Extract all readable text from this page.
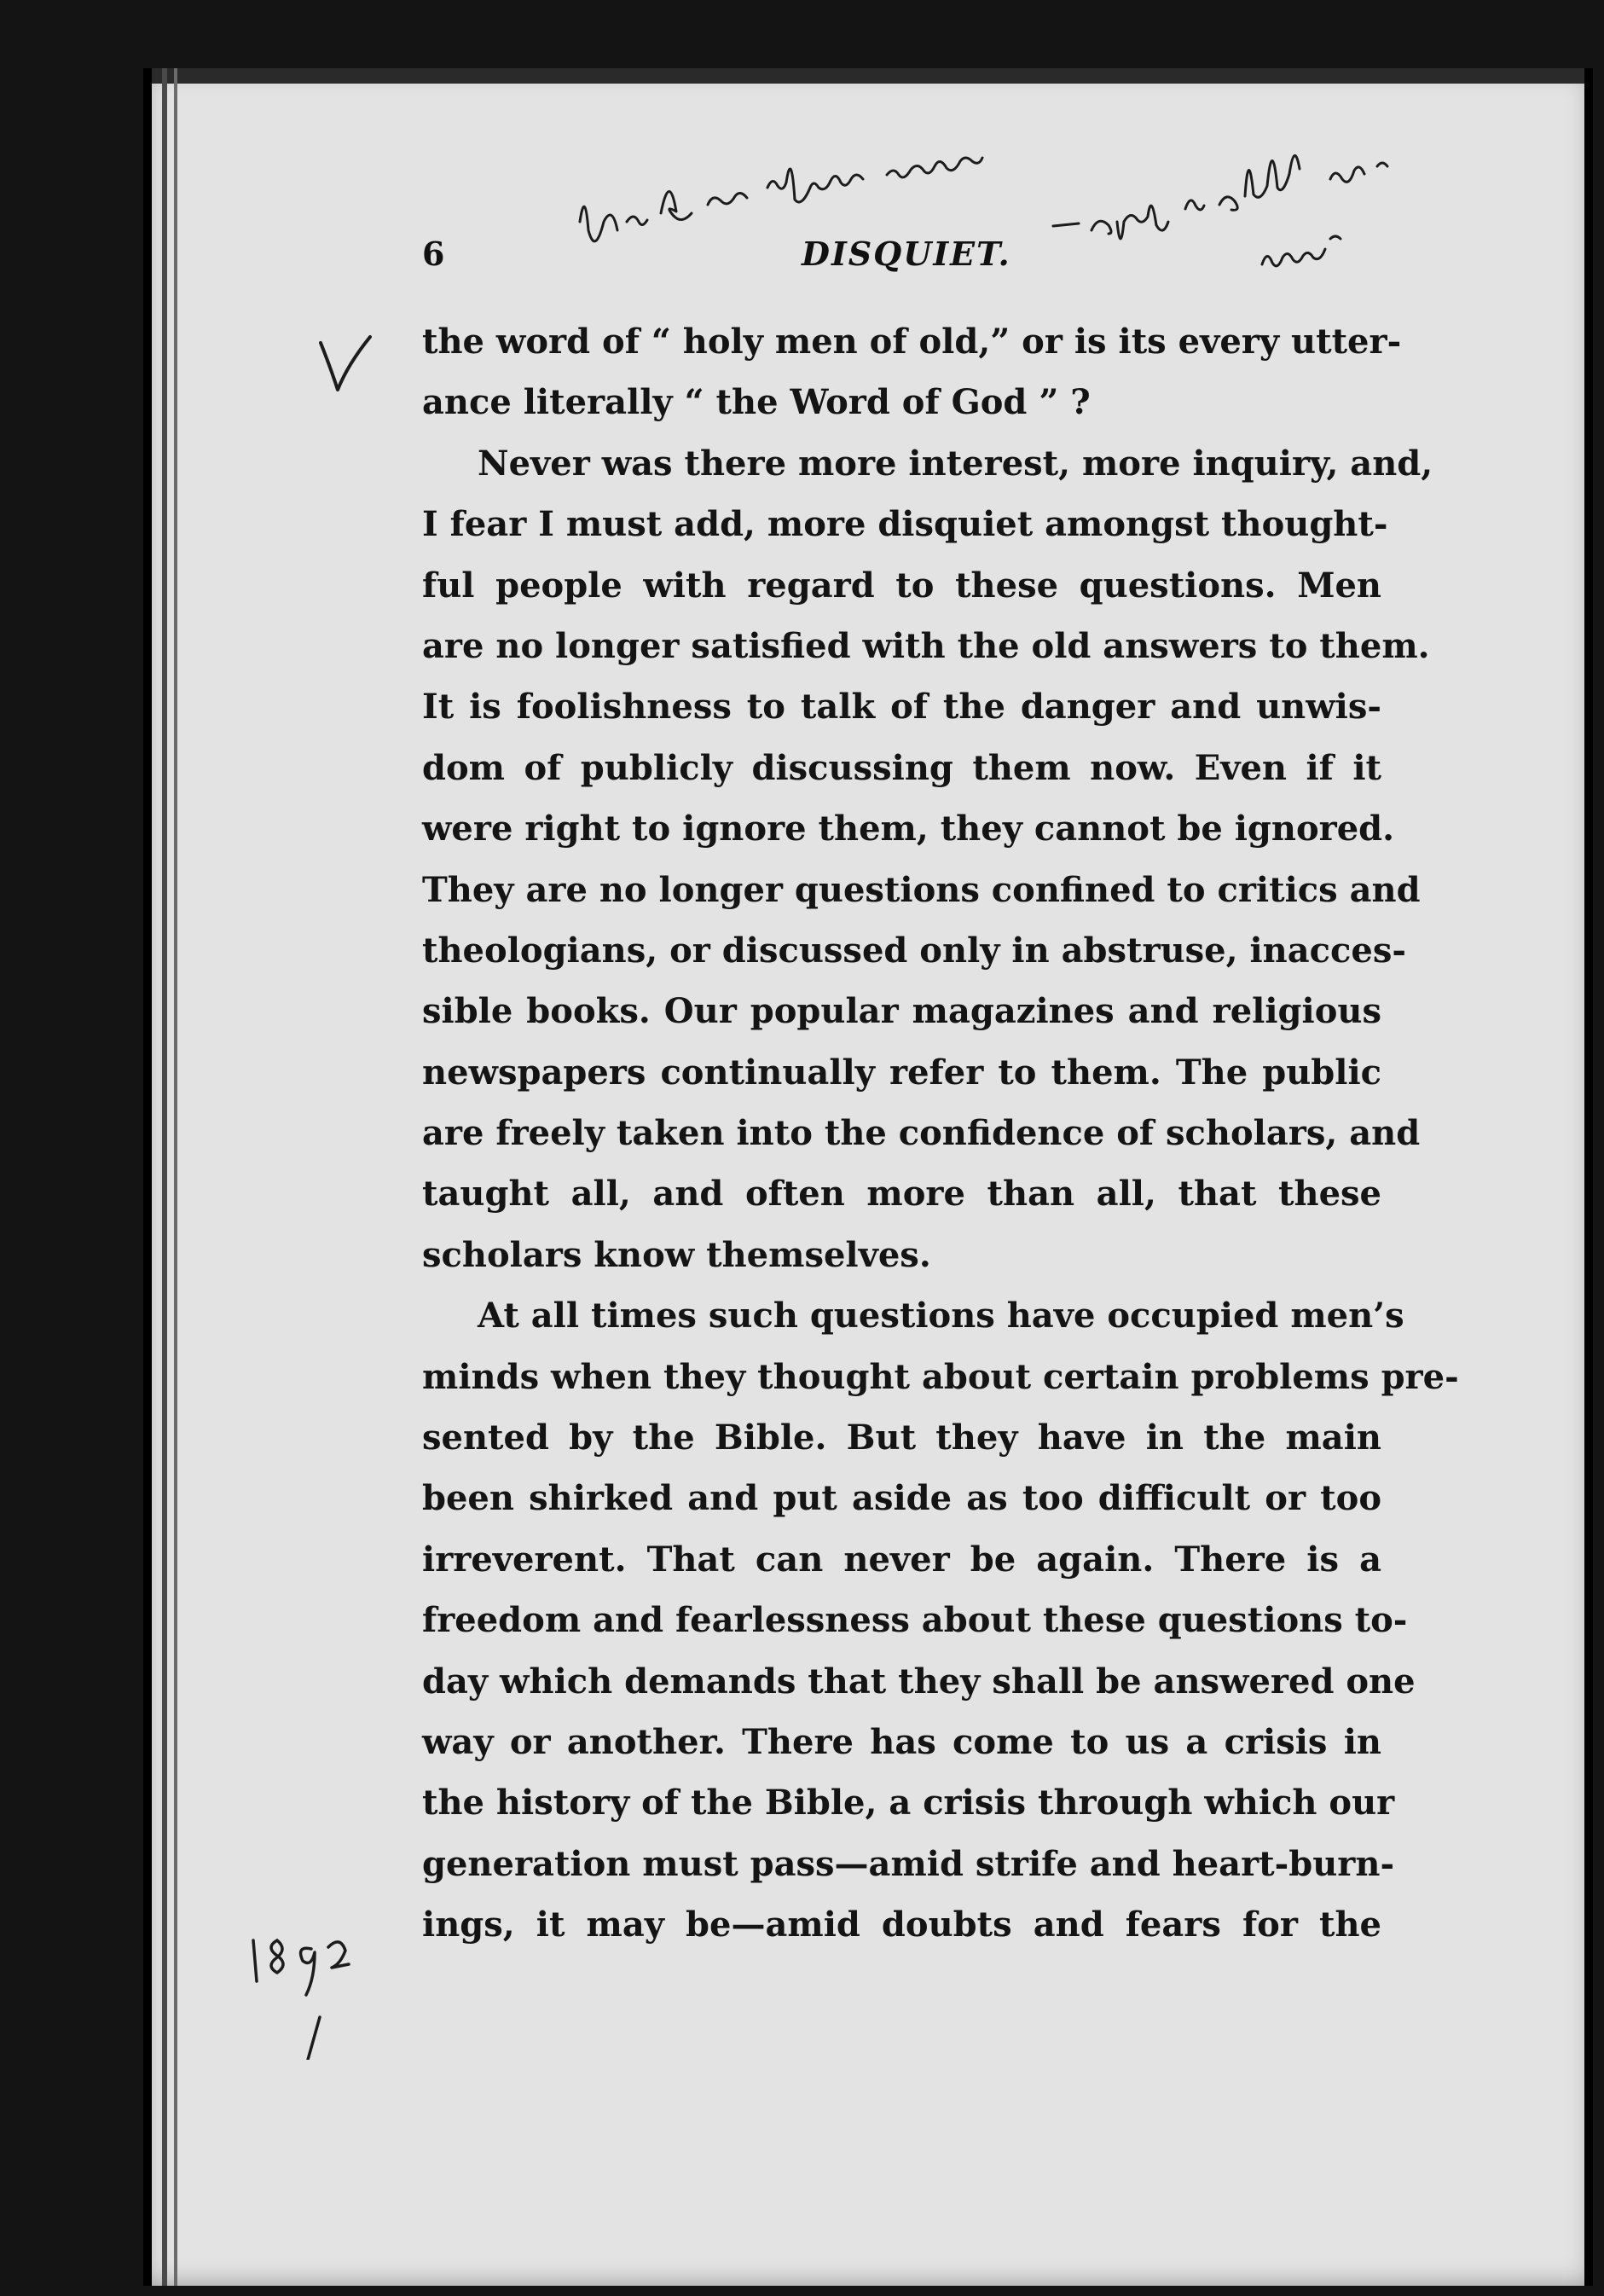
6	DISQUIET.
the word of “ holy men of old,” or is its every utter-
ance literally “ the Word of God ” ?
Never was there more interest, more inquiry, and,
I fear I must add, more disquiet amongst thought-
ful people with regard to these questions. Men
are no longer satisfied with the old answers to them.
It is foolishness to talk of the danger and unwis-
dom of publicly discussing them now. Even if it
were right to ignore them, they cannot be ignored.
They are no longer questions confined to critics and
theologians, or discussed only in abstruse, inacces-
sible books. Our popular magazines and religious
newspapers continually refer to them. The public
are freely taken into the confidence of scholars, and
taught all, and often more than all, that these
scholars know themselves.
At all times such questions have occupied men’s
minds when they thought about certain problems pre-
sented by the Bible. But they have in the main
been shirked and put aside as too difficult or too
irreverent. That can never be again. There is a
freedom and fearlessness about these questions to-
day which demands that they shall be answered one
way or another. There has come to us a crisis in
the history of the Bible, a crisis through which our
generation must pass—amid strife and heart-burn-
ings, it may be—amid doubts and fears for the
